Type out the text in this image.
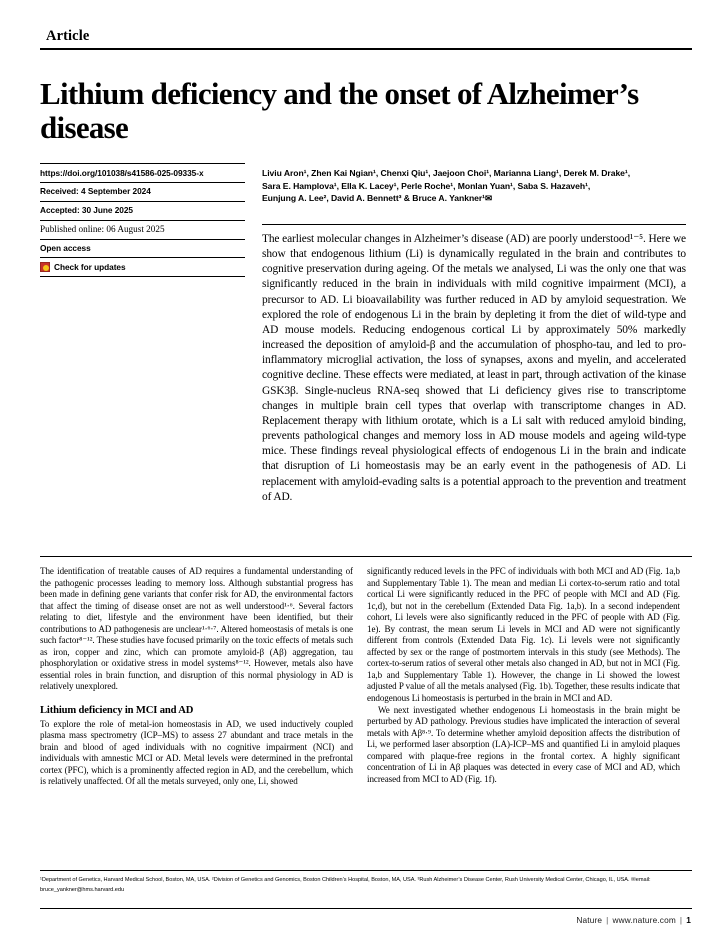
Article
Lithium deficiency and the onset of Alzheimer’s disease
https://doi.org/101038/s41586-025-09335-x
Received: 4 September 2024
Accepted: 30 June 2025
Published online: 06 August 2025
Open access
Check for updates
Liviu Aron¹, Zhen Kai Ngian¹, Chenxi Qiu¹, Jaejoon Choi¹, Marianna Liang¹, Derek M. Drake¹,
Sara E. Hamplova¹, Ella K. Lacey¹, Perle Roche¹, Monlan Yuan¹, Saba S. Hazaveh¹,
Eunjung A. Lee², David A. Bennett³ & Bruce A. Yankner¹✉
The earliest molecular changes in Alzheimer’s disease (AD) are poorly understood¹⁻⁵. Here we show that endogenous lithium (Li) is dynamically regulated in the brain and contributes to cognitive preservation during ageing. Of the metals we analysed, Li was the only one that was significantly reduced in the brain in individuals with mild cognitive impairment (MCI), a precursor to AD. Li bioavailability was further reduced in AD by amyloid sequestration. We explored the role of endogenous Li in the brain by depleting it from the diet of wild-type and AD mouse models. Reducing endogenous cortical Li by approximately 50% markedly increased the deposition of amyloid-β and the accumulation of phospho-tau, and led to pro-inflammatory microglial activation, the loss of synapses, axons and myelin, and accelerated cognitive decline. These effects were mediated, at least in part, through activation of the kinase GSK3β. Single-nucleus RNA-seq showed that Li deficiency gives rise to transcriptome changes in multiple brain cell types that overlap with transcriptome changes in AD. Replacement therapy with lithium orotate, which is a Li salt with reduced amyloid binding, prevents pathological changes and memory loss in AD mouse models and ageing wild-type mice. These findings reveal physiological effects of endogenous Li in the brain and indicate that disruption of Li homeostasis may be an early event in the pathogenesis of AD. Li replacement with amyloid-evading salts is a potential approach to the prevention and treatment of AD.

The identification of treatable causes of AD requires a fundamental understanding of the pathogenic processes leading to memory loss. Although substantial progress has been made in defining gene variants that confer risk for AD, the environmental factors that affect the timing of disease onset are not as well understood¹‧⁶. Several factors relating to diet, lifestyle and the environment have been identified, but their contributions to AD pathogenesis are unclear¹‧⁶‧⁷. Altered homeostasis of metals is one such factor⁸⁻¹². These studies have focused primarily on the toxic effects of metals such as iron, copper and zinc, which can promote amyloid-β (Aβ) aggregation, tau phosphorylation or oxidative stress in model systems⁸⁻¹². However, metals also have essential roles in brain function, and disruption of this normal physiology in AD is relatively unexplored.

Lithium deficiency in MCI and AD

To explore the role of metal-ion homeostasis in AD, we used inductively coupled plasma mass spectrometry (ICP–MS) to assess 27 abundant and trace metals in the brain and blood of aged individuals with no cognitive impairment (NCI) and individuals with amnestic MCI or AD. Metal levels were determined in the prefrontal cortex (PFC), which is a prominently affected region in AD, and the cerebellum, which is relatively unaffected. Of all the metals surveyed, only one, Li, showed

significantly reduced levels in the PFC of individuals with both MCI and AD (Fig. 1a,b and Supplementary Table 1). The mean and median Li cortex-to-serum ratio and total cortical Li were significantly reduced in the PFC of people with MCI and AD (Fig. 1c,d), but not in the cerebellum (Extended Data Fig. 1a,b). In a second independent cohort, Li levels were also significantly reduced in the PFC of people with AD (Fig. 1e). By contrast, the mean serum Li levels in MCI and AD were not significantly different from controls (Extended Data Fig. 1c). Li levels were not significantly affected by sex or the range of postmortem intervals in this study (see Methods). The cortex-to-serum ratios of several other metals also changed in AD, but not in MCI (Fig. 1a,b and Supplementary Table 1). However, the change in Li showed the lowest adjusted P value of all the metals analysed (Fig. 1b). Together, these results indicate that endogenous Li homeostasis is perturbed in the brain in MCI and AD.

We next investigated whether endogenous Li homeostasis in the brain might be perturbed by AD pathology. Previous studies have implicated the interaction of several metals with Aβ⁸‧⁹. To determine whether amyloid deposition affects the distribution of Li, we performed laser absorption (LA)-ICP–MS and quantified Li in amyloid plaques compared with plaque-free regions in the frontal cortex. A highly significant concentration of Li in Aβ plaques was detected in every case of MCI and AD, which increased from MCI to AD (Fig. 1f).

¹Department of Genetics, Harvard Medical School, Boston, MA, USA. ²Division of Genetics and Genomics, Boston Children’s Hospital, Boston, MA, USA. ³Rush Alzheimer’s Disease Center, Rush University Medical Center, Chicago, IL, USA. ✉email: bruce_yankner@hms.harvard.edu
Nature | www.nature.com | 1
